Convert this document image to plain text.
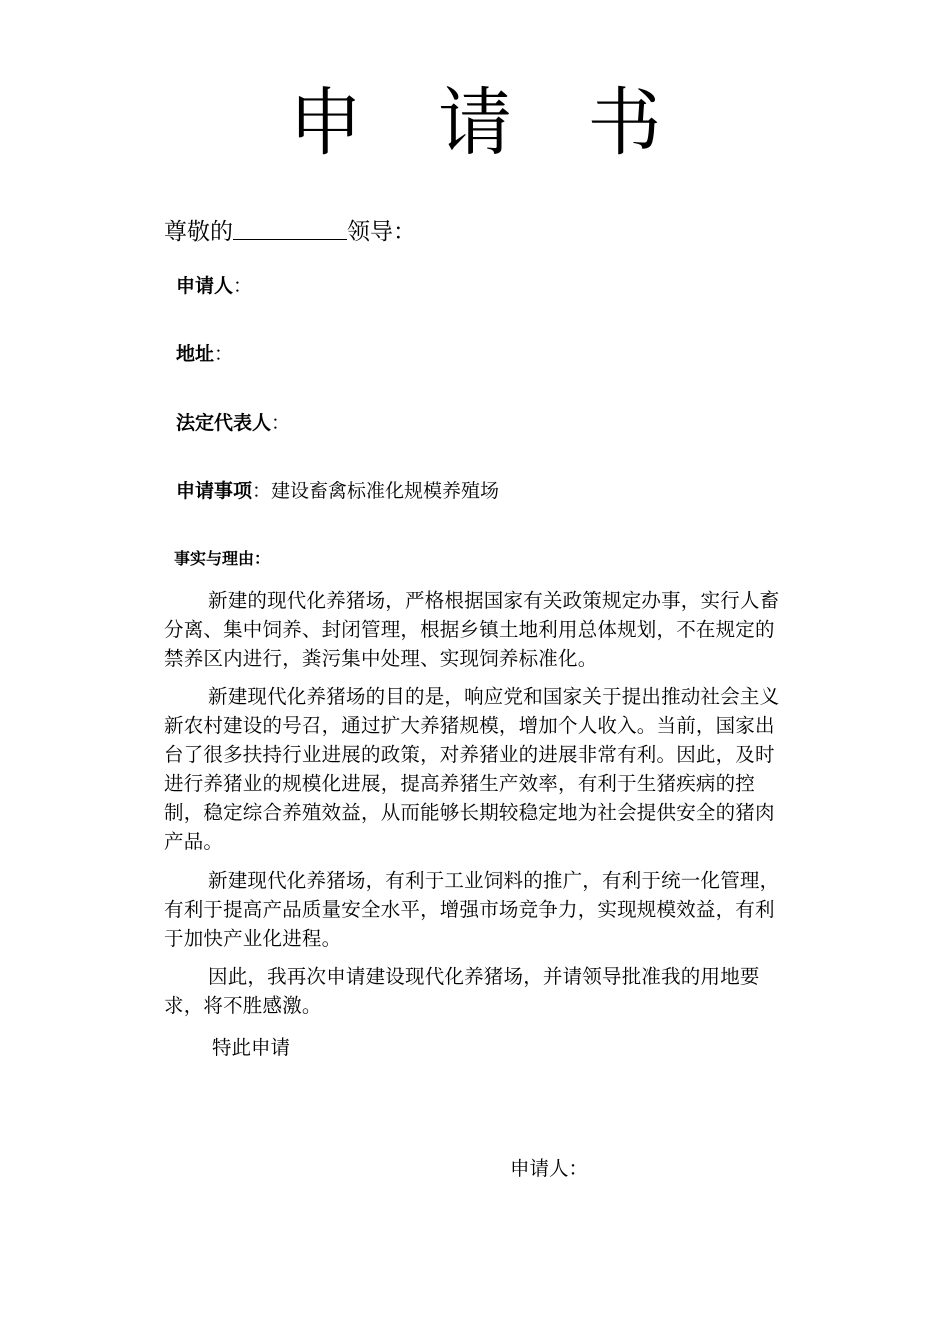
申 请 书
尊敬的	领导：
申请人：
地址：
法定代表人：
申请事项：建设畜禽标准化规模养殖场
事实与理由：

新建的现代化养猪场，严格根据国家有关政策规定办事，实行人畜分离、集中饲养、封闭管理，根据乡镇土地利用总体规划，不在规定的禁养区内进行，粪污集中处理、实现饲养标准化。

新建现代化养猪场的目的是，响应党和国家关于提出推动社会主义新农村建设的号召，通过扩大养猪规模，增加个人收入。当前，国家出台了很多扶持行业进展的政策，对养猪业的进展非常有利。因此，及时进行养猪业的规模化进展，提高养猪生产效率，有利于生猪疾病的控制，稳定综合养殖效益，从而能够长期较稳定地为社会提供安全的猪肉产品。

新建现代化养猪场，有利于工业饲料的推广，有利于统一化管理，有利于提高产品质量安全水平，增强市场竞争力，实现规模效益，有利于加快产业化进程。

因此，我再次申请建设现代化养猪场，并请领导批准我的用地要求，将不胜感激。

特此申请
申请人：
